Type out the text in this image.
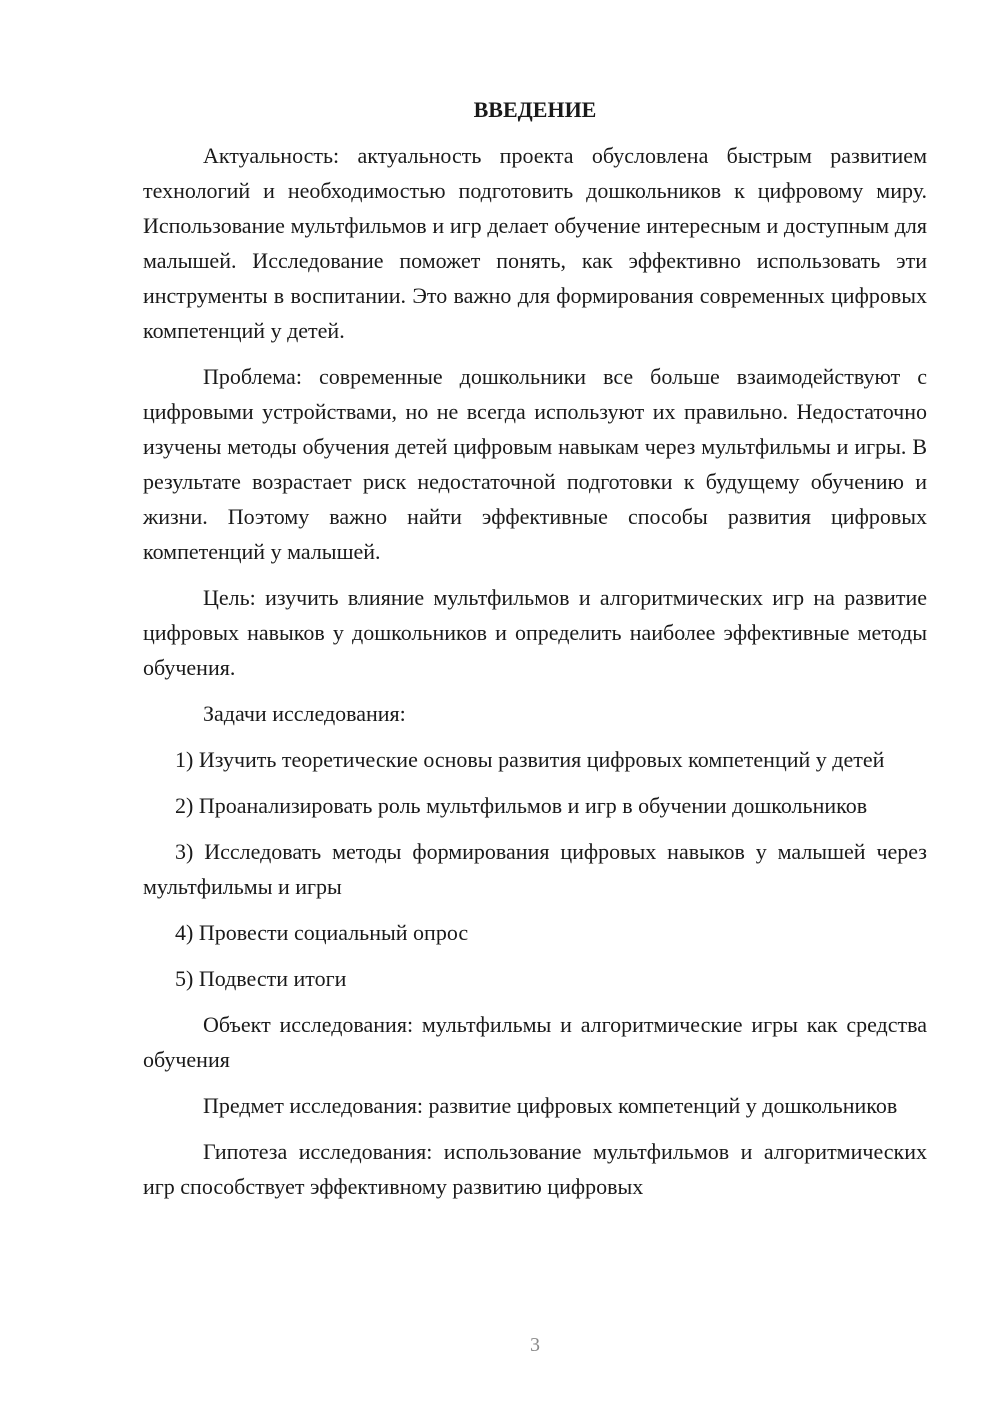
ВВЕДЕНИЕ

Актуальность: актуальность проекта обусловлена быстрым развитием технологий и необходимостью подготовить дошкольников к цифровому миру. Использование мультфильмов и игр делает обучение интересным и доступным для малышей. Исследование поможет понять, как эффективно использовать эти инструменты в воспитании. Это важно для формирования современных цифровых компетенций у детей.

Проблема: современные дошкольники все больше взаимодействуют с цифровыми устройствами, но не всегда используют их правильно. Недостаточно изучены методы обучения детей цифровым навыкам через мультфильмы и игры. В результате возрастает риск недостаточной подготовки к будущему обучению и жизни. Поэтому важно найти эффективные способы развития цифровых компетенций у малышей.

Цель: изучить влияние мультфильмов и алгоритмических игр на развитие цифровых навыков у дошкольников и определить наиболее эффективные методы обучения.

Задачи исследования:

1) Изучить теоретические основы развития цифровых компетенций у детей

2) Проанализировать роль мультфильмов и игр в обучении дошкольников

3) Исследовать методы формирования цифровых навыков у малышей через мультфильмы и игры

4) Провести социальный опрос

5) Подвести итоги

Объект исследования: мультфильмы и алгоритмические игры как средства обучения

Предмет исследования: развитие цифровых компетенций у дошкольников

Гипотеза исследования: использование мультфильмов и алгоритмических игр способствует эффективному развитию цифровых

3
